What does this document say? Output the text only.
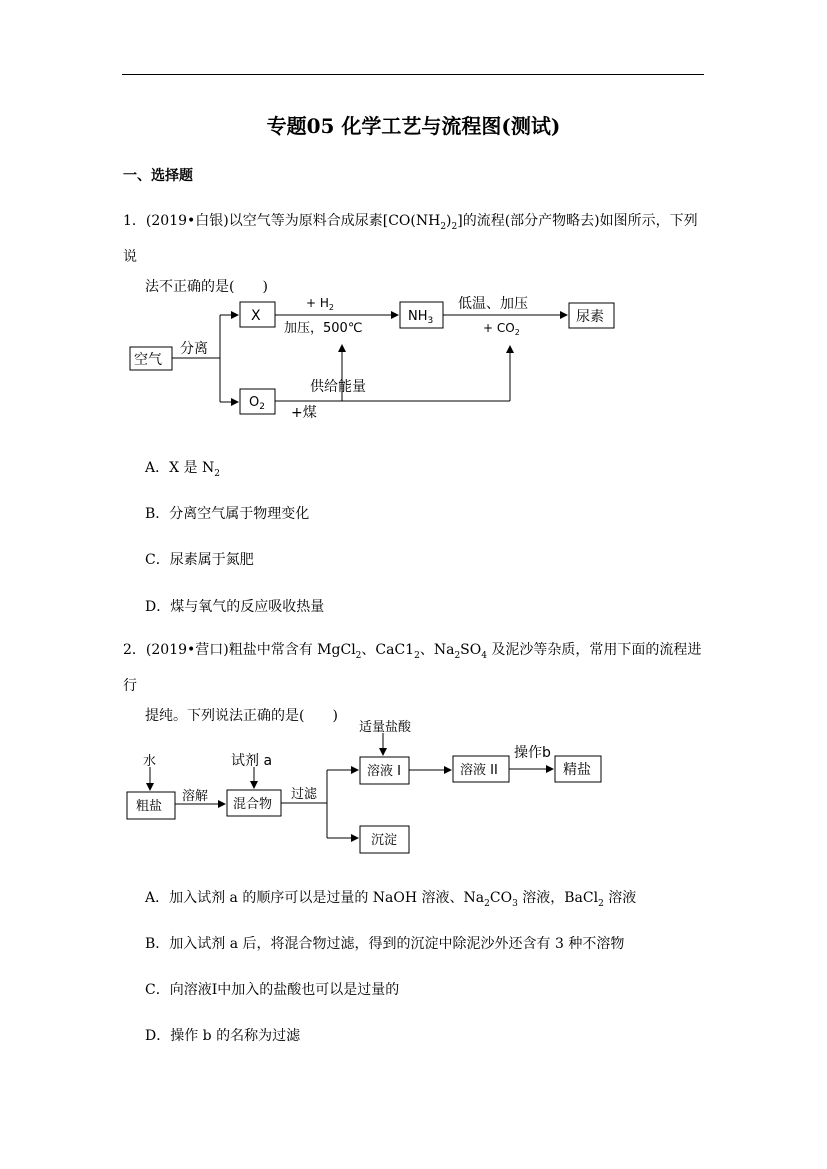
专题05 化学工艺与流程图(测试)
一、选择题
1．(2019•白银)以空气等为原料合成尿素$[CO(NH_2)_2]$的流程(部分产物略去)如图所示，下列说
法不正确的是(　　)
空气
分离
X
$O_2$
+ $H_2$
加压，500℃
$NH_3$
低温、加压
+ $CO_2$
尿素
供给能量
+煤
水
粗盐
溶解
试剂 a
混合物
过滤
适量盐酸
溶液 I	溶液 II
操作b
精盐
沉淀
A．X 是 $N_2$
B．分离空气属于物理变化
C．尿素属于氮肥
D．煤与氧气的反应吸收热量
2．(2019•营口)粗盐中常含有 MgCl$_2$、$CaC1_2$、$Na_2SO_4$ 及泥沙等杂质，常用下面的流程进行
提纯。下列说法正确的是(　　)
A．加入试剂 a 的顺序可以是过量的 NaOH 溶液、$Na_2CO_3$ 溶液，BaCl$_2$ 溶液
B．加入试剂 a 后，将混合物过滤，得到的沉淀中除泥沙外还含有 3 种不溶物
C．向溶液Ⅰ中加入的盐酸也可以是过量的
D．操作 b 的名称为过滤
